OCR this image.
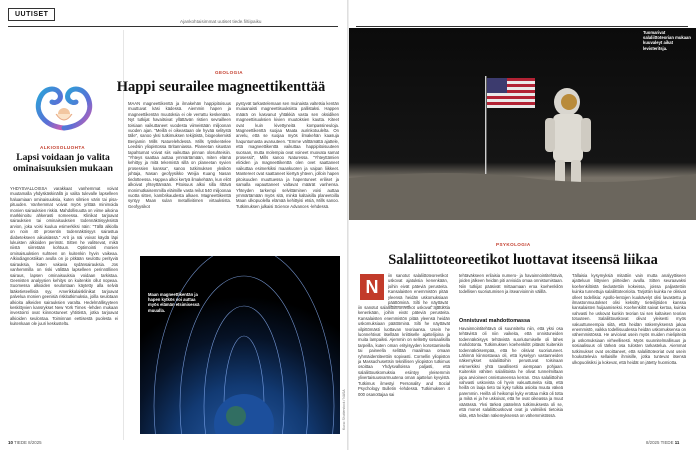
UUTISET
Ajankohtaisimmat uutiset tiede.fi/tiipaiku
ALKIOSOLUOHTA
Lapsi voidaan jo valita ominaisuuksien mukaan
YHDYSVALLOISSA varakkaat vanhemmat voivat muutamalla yhdyskäskinällä jo valita tulevalle lapselleen haluamiaan ominaisuuksia, kuten silmien värin tai pisa-pituuden. Vanhemmat voivat myös yrittää minimoida monien sairauksien riskiä. Mahdollisuutta on viime aikoina markkinoitu ahkerasti someessa. Klinikat tarjoavat sairauksien tai ominaisuuksien todennäköisyyksistä arvion, joka voisi kuulua esimerkiksi näin: "Tällä alkiolla on noin 40 prosentin todennäköisyys sairastua diabetekseen aikuisiässä." Arit ja näi voivat käydä läpi lukuisten alkioiden perimät. Sitten he valitsevat, mikä niistä siirretään kohtuun. Optimointi monien ominaisuuksien suhteen on kuitenkin hyvin vaikeaa. Alkiodiagnostiikan avulla on jo pitkään seulottu perityviä sairauksia, kuten vakavia sydänsairauksia. Jos vanhemmilla on riski välittää lapselleen perinnöllinen sairaus, lapsen ominaisuuksia voidaan tarkistaa. Geenisten analyysien kehitys on kuitenkin ollut nopeaa. Suomessa alkioiden seulontaan käytetty alla selviä lääketieteellisiä syy. Amerikkalaisklinikat tarjoavat palvelua monien geenisiä riskitutkimuksia, joilla seulotaan alkioita alkeiden sairauksien varalta. Hedelmällisyyteen keskittyvien kansrykset New York Times -lehden mukaan investointi ovat kiinnostuneet yhtiöistä, jotka tarjoavat alkioiden seulontaa. Toiminnan eettisestä puolesta ei kuitenkaan ole juuri keskusteltu.
GEOLOGIA
Happi seurailee magneettikenttää
MAAN magneettikenttä ja ilmakehän happipitoisuus muuttuvat käsi kädessä. Aiemmin hapen ja magneettikentän muutoksia ei ole verrattu keskenään. Nyt tutkijat havaitsivat yllättävän ristien sevrailleen toisiaan vaikuttaneet vuodesta viimeistään miljoonan vuoden ajan. "Meillä ei oikeastaan ole hyvää selitystä tälle", sanoo yksi tutkimuksen tekijöistä, biogeokemisti Benjamin Mills Naturelehdessä. Mills työskentelee Leedsin yliopistossa Britanniassa. Planeetan sisustan tapahtumat voivat siis vaikuttaa pinnan olosuhteisiin. "Yhteys saattaa auttaa ymmärtämään, miten elämä kehittyy ja mitä tekemistä sillä on planeetan syvien prosessien kanssa", sanoo tutkimuksen yksikön johtaja, Nasan geofyysikko Weijia Kuang Nasan tiedotteessa. Happea alkoi kertyä ilmakehään, kun eliöt alkoivat yhteyttämään. Pitoisuus alkoi silla rittävä monimutkaisemmilla eläimille vasta reilut 540 miljoonaa vuotta sitten, kambrikaudesta alkaen. Magneettikenttä syntyy Maan sulan metallivitimen virtauksista. Geofyysikot
pystyvät tarkastelemaan sen muinaista valtetsia kentän muiaanaisti magneettisuuksista pallistaksi. Happen määrä on kasvanut yhtäkkiä vasta sen oksidiken magneettisuuksien kivien muutoksien kautta. Kiteet ovat kuin kivettyneitä kompassineuloja. Magneettikenttä suojaa Maata aurinkotuulelta. On arvelu, että se suojaa myös ilmakehän kaasuja haquntumasta avaruuteen. "Emme välttämättä ajattele, että magneettikenttä vaikuttaa happipitoisuuteen suoraan, mutta molempia ovat voineet muovata samat prosessit", Mills sanoo Naturessa. "Yhteyttämien eliöiden ja magneettikenttä olen ovet saattaneet vaikuttaa esimerkiksi maankuoren ja vaipan liikkeet. Mantereet ovat saattaneet kiertyä yhteen, jolloin hapen pitoisuuden muuttuessa ja hapentuneet eriliset ja samalla vapauttaneet valtavat määrät vanhensa. Yhteyden tarkempi selvittäminen voisi auttaa ymmärtämään myös sitä, minkä kaltaisilla planeetoilla Maan ulkopuolella elämää kehittyisi etsiä, Mills sanoo. Tutkimuksen julkaisi Science Advances -lehdessä.
Maan magneettikentän ja hapen kytkös voi auttaa myös elämän etsimisessä muualla.
Kuva: Shutterstock / NASA
Tuomarivat salaliittoteorian mukaan kuuvaleyt aikat levisteritsja.
PSYKOLOGIA
Salaliittoteoreetikot luottavat itseensä liikaa
N
iin sanotut salaliittoteoreetikot uskovat ajatuksia kenenkään, joihin eivät päteviä perusteita. Kansalaisten enemmistön pitää yleensä heidän uskomuksiaan päättöminä. Silti he näyttävät
iin sanotut salaliittoteoreetikot uskovat ajatuksia kenenkään, joihin eivät päteviä perusteita. Kansalaisten enemmistön pitää yleensä heidän uskomuksiaan päättöminä. Silti he näyttävät vilpittömästi luottavan teoriaansa. Usein he luonnehtivat itsellään kriittiselle ajattelijoina ja muita lampaiksi. Ajemmin on selitetty sosiaalisilla tarpeilla, kuten oman erityisyyden korostamisella tai paineella selittää maailmaa omaan ryhmäidentiteettiin sopivasti. Cornellin yliopiston ja Massachusettsin teknillisen yliopiston tutkimus osoittaa Yhdysvalloissa paljasti, että salaliittouskomuksia esiintyy yleisemmin ylivertaisuusvarmuutena oman ajattelun kyvyistä. Tutkimus ilmestyi Personality and Social Psychology Bulletin -lehdessä. Tutkimuksen 4 000 osanottajaa sai
tehtäväkseen erilaisia numero- ja havainnointitehtäviä, joiden jälkeen heidän piti arvioida omaa onnistumistaan. Niin tutkijat pääsivät mittaamaan eroa koehenkilön todellisen suoriutumisen ja itsearvioinnin välillä.
Onnistuvat mahdottomassa
Havainnointitehtävä oli suunniteltu niin, että yksi osa tehtävistä oli niin vaikeita, että onnistuneiden todennäköisyys tehtävistä suoriutumiselle oli lähes mahdotonta. Tutkimuksen koehenkilöt pitävät kuitenkin todennäköisempää, että he olisivat suoriutuneet. Lähinnä kiinnostavaa oli, että kyselyyn vastanneiden näkemykset salaliittoihin perustuvat toisinaan esimerkiksi yhtä tavallisesti aiempaan pohjaan. Kuitenkin vähiten salaliitoista he olivat tunnelmiltaan jopa arvioineet onnistuneensa kerran. Osa salaliittoihin vahvasti uskovista oli hyvin vakuuttuneita siitä, että heillä on laaja tieto tai kyky tulkita asioita muuta väkeä paremmin. Heillä oli heikompi kyky erottaa mikä oli totta ja mikä ei ja he uskoivat, että he ovat oikeassa ja muut väärässä. Yksi tärkeä päätelmä tutkimuksesta oli se, että monet salaliittouskovat ovat jo valmiiksi tietoisia siitä, että heidän näkemyksensä on vähemmistössä.
Tällaisia kysymyksiä mitattiin vain mutta analyyttiseen ajatteluun liittyvien piirteiden avulla. Sitten seuraavaksi koehenkilöistä tiedustettiin kokeissa, joissa paljastettiin kuinka tunnettuja salaliittoteorioita. Tarjottiin kuinka ne olisivat olleet todellisia: Apollo-lentojen kuukävelyt olisi lavastettu ja ilmastonmuutokset olisi keksitty tieteilijöiden kanssa kansalaisten huijaamiseksi. Koehenkilöt saivat kertoa, kuinka vahvasti he uskovat kunkin teorian tai sen kaltaisen teorian totuuteen. Salaliittouskovat olivat yleisesti myös vakuuttuneempia siitä, että heidän näkemyksensä jakaa enemmistö, vaikka todellisuudessa heidän uskomuksensa on vähemmistössä. He arvioivat usein myös muiden mielipiteitä ja uskomuksiaan virheellisesti. Myös suunnitelmallisuus ja sosiaalisuus oli tärkeä osa tulosten tarkastelua. Aiemmat tutkimukset ovat osoittaneet, että salaliittoteoriat ovat usein houkuttelevia sellaisille ihmisille, jotka tuntevat itsensä ulkopuolisiksi ja kokevat, että heidät on jätetty huomiotta.
10 TIEDE 8/2025	8/2025 TIEDE 11
